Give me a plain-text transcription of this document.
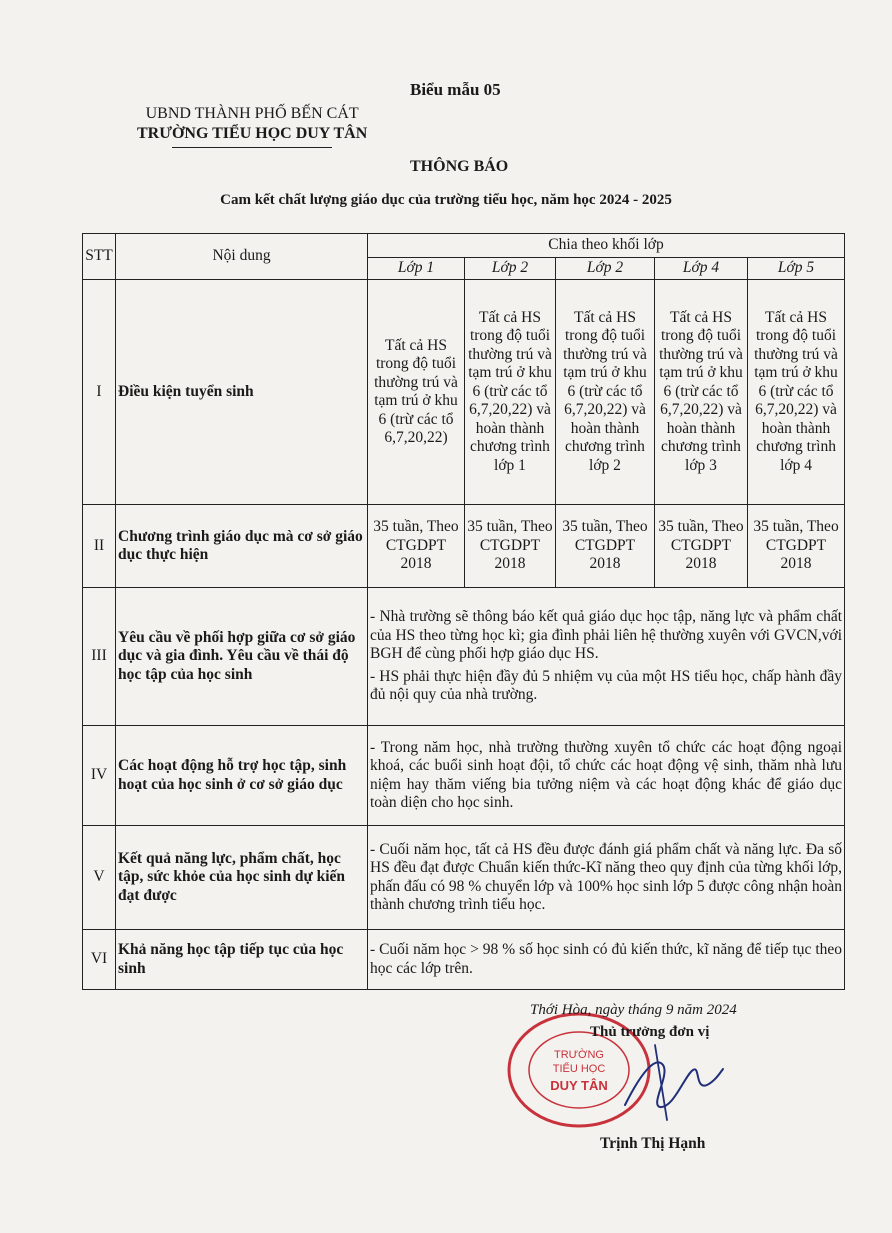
Biểu mẫu 05
UBND THÀNH PHỐ BẾN CÁT
TRƯỜNG TIỂU HỌC DUY TÂN
THÔNG BÁO
Cam kết chất lượng giáo dục của trường tiểu học, năm học 2024 - 2025
STT	Nội dung	Chia theo khối lớp				
		Lớp 1	Lớp 2	Lớp 2	Lớp 4	Lớp 5
I	Điều kiện tuyển sinh	Tất cả HS trong độ tuổi thường trú và tạm trú ở khu 6 (trừ các tổ 6,7,20,22)	Tất cả HS trong độ tuổi thường trú và tạm trú ở khu 6 (trừ các tổ 6,7,20,22) và hoàn thành chương trình lớp 1	Tất cả HS trong độ tuổi thường trú và tạm trú ở khu 6 (trừ các tổ 6,7,20,22) và hoàn thành chương trình lớp 2	Tất cả HS trong độ tuổi thường trú và tạm trú ở khu 6 (trừ các tổ 6,7,20,22) và hoàn thành chương trình lớp 3	Tất cả HS trong độ tuổi thường trú và tạm trú ở khu 6 (trừ các tổ 6,7,20,22) và hoàn thành chương trình lớp 4
II	Chương trình giáo dục mà cơ sở giáo dục thực hiện	35 tuần, Theo CTGDPT 2018	35 tuần, Theo CTGDPT 2018	35 tuần, Theo CTGDPT 2018	35 tuần, Theo CTGDPT 2018	35 tuần, Theo CTGDPT 2018
III	Yêu cầu về phối hợp giữa cơ sở giáo dục và gia đình. Yêu cầu về thái độ học tập của học sinh	- Nhà trường sẽ thông báo kết quả giáo dục học tập, năng lực và phẩm chất của HS theo từng học kì; gia đình phải liên hệ thường xuyên với GVCN,với BGH để cùng phối hợp giáo dục HS.

- HS phải thực hiện đầy đủ 5 nhiệm vụ của một HS tiểu học, chấp hành đầy đủ nội quy của nhà trường.				

IV	Các hoạt động hỗ trợ học tập, sinh hoạt của học sinh ở cơ sở giáo dục	- Trong năm học, nhà trường thường xuyên tổ chức các hoạt động ngoại khoá, các buổi sinh hoạt đội, tổ chức các hoạt động vệ sinh, thăm nhà lưu niệm hay thăm viếng bia tưởng niệm và các hoạt động khác để giáo dục toàn diện cho học sinh.				

V	Kết quả năng lực, phẩm chất, học tập, sức khỏe của học sinh dự kiến đạt được	- Cuối năm học, tất cả HS đều được đánh giá phẩm chất và năng lực. Đa số HS đều đạt được Chuẩn kiến thức-Kĩ năng theo quy định của từng khối lớp, phấn đấu có 98 % chuyển lớp và 100% học sinh lớp 5 được công nhận hoàn thành chương trình tiểu học.				

VI	Khả năng học tập tiếp tục của học sinh	- Cuối năm học > 98 % số học sinh có đủ kiến thức, kĩ năng để tiếp tục theo học các lớp trên.				

TRƯỜNG
TIỂU HỌC
DUY TÂN
Thới Hòa, ngày tháng 9 năm 2024
Thủ trưởng đơn vị
Trịnh Thị Hạnh
